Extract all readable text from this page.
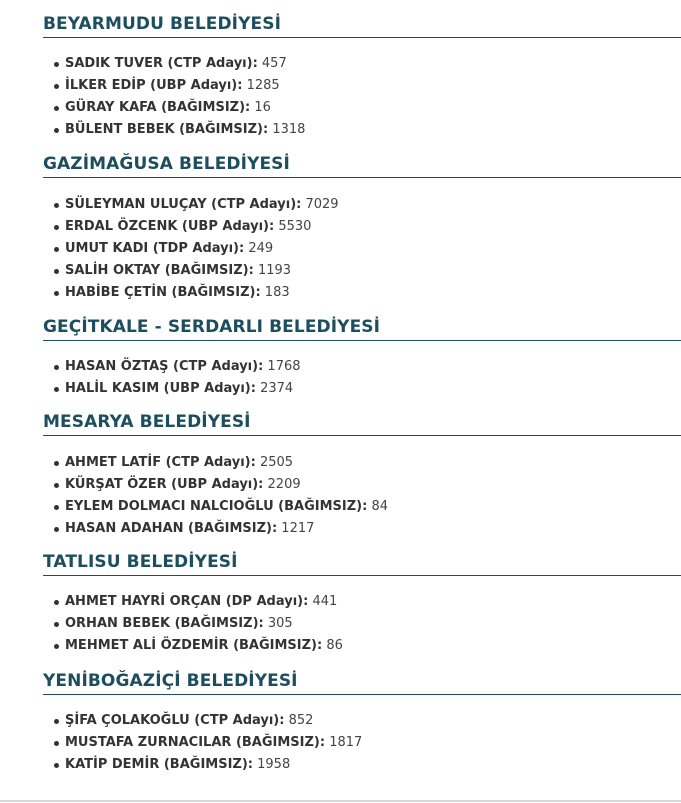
BEYARMUDU BELEDİYESİ
SADIK TUVER (CTP Adayı): 457
İLKER EDİP (UBP Adayı): 1285
GÜRAY KAFA (BAĞIMSIZ): 16
BÜLENT BEBEK (BAĞIMSIZ): 1318
GAZİMAĞUSA BELEDİYESİ
SÜLEYMAN ULUÇAY (CTP Adayı): 7029
ERDAL ÖZCENK (UBP Adayı): 5530
UMUT KADI (TDP Adayı): 249
SALİH OKTAY (BAĞIMSIZ): 1193
HABİBE ÇETİN (BAĞIMSIZ): 183
GEÇİTKALE - SERDARLI BELEDİYESİ
HASAN ÖZTAŞ (CTP Adayı): 1768
HALİL KASIM (UBP Adayı): 2374
MESARYA BELEDİYESİ
AHMET LATİF (CTP Adayı): 2505
KÜRŞAT ÖZER (UBP Adayı): 2209
EYLEM DOLMACI NALCIOĞLU (BAĞIMSIZ): 84
HASAN ADAHAN (BAĞIMSIZ): 1217
TATLISU BELEDİYESİ
AHMET HAYRİ ORÇAN (DP Adayı): 441
ORHAN BEBEK (BAĞIMSIZ): 305
MEHMET ALİ ÖZDEMİR (BAĞIMSIZ): 86
YENİBOĞAZİÇİ BELEDİYESİ
ŞİFA ÇOLAKOĞLU (CTP Adayı): 852
MUSTAFA ZURNACILAR (BAĞIMSIZ): 1817
KATİP DEMİR (BAĞIMSIZ): 1958
